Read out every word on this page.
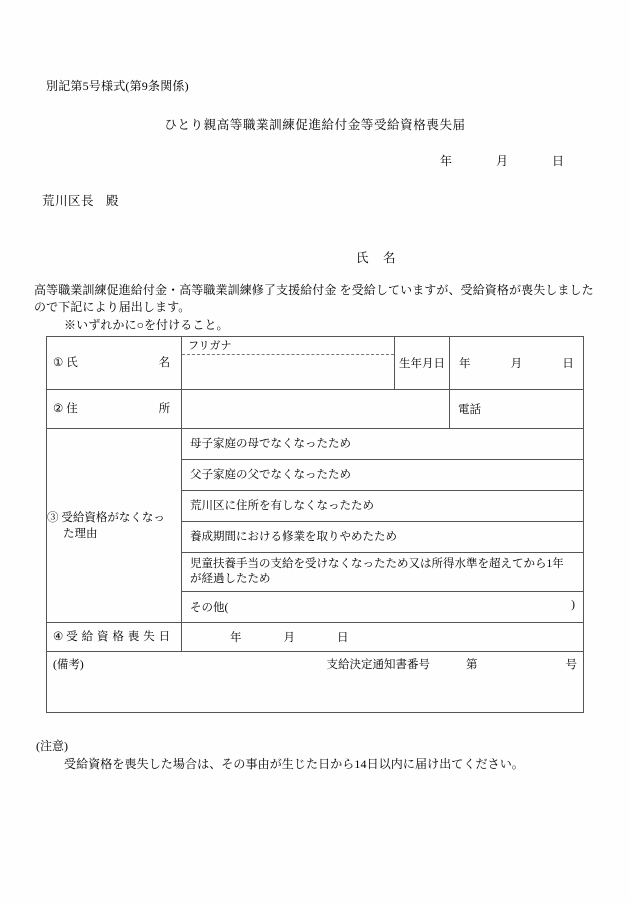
別記第5号様式(第9条関係)
ひとり親高等職業訓練促進給付金等受給資格喪失届
年	月	日
荒川区長 殿
氏 名
高等職業訓練促進給付金・高等職業訓練修了支援給付金 を受給していますが、受給資格が喪失しましたので下記により届出します。
※いずれかに○を付けること。
① 氏名	フリガナ	生年月日	年 月 日

② 住所			電話

③ 受給資格がなくなっ
た理由	母子家庭の母でなくなったため		

	父子家庭の父でなくなったため		

	荒川区に住所を有しなくなったため		

	養成期間における修業を取りやめたため		

	児童扶養手当の支給を受けなくなったため又は所得水準を超えてから1年が経過したため		

	その他( )		

④ 受給資格喪失日	年 月 日		

(備考) 支給決定通知書番号 第 号			
(注意)
受給資格を喪失した場合は、その事由が生じた日から14日以内に届け出てください。
